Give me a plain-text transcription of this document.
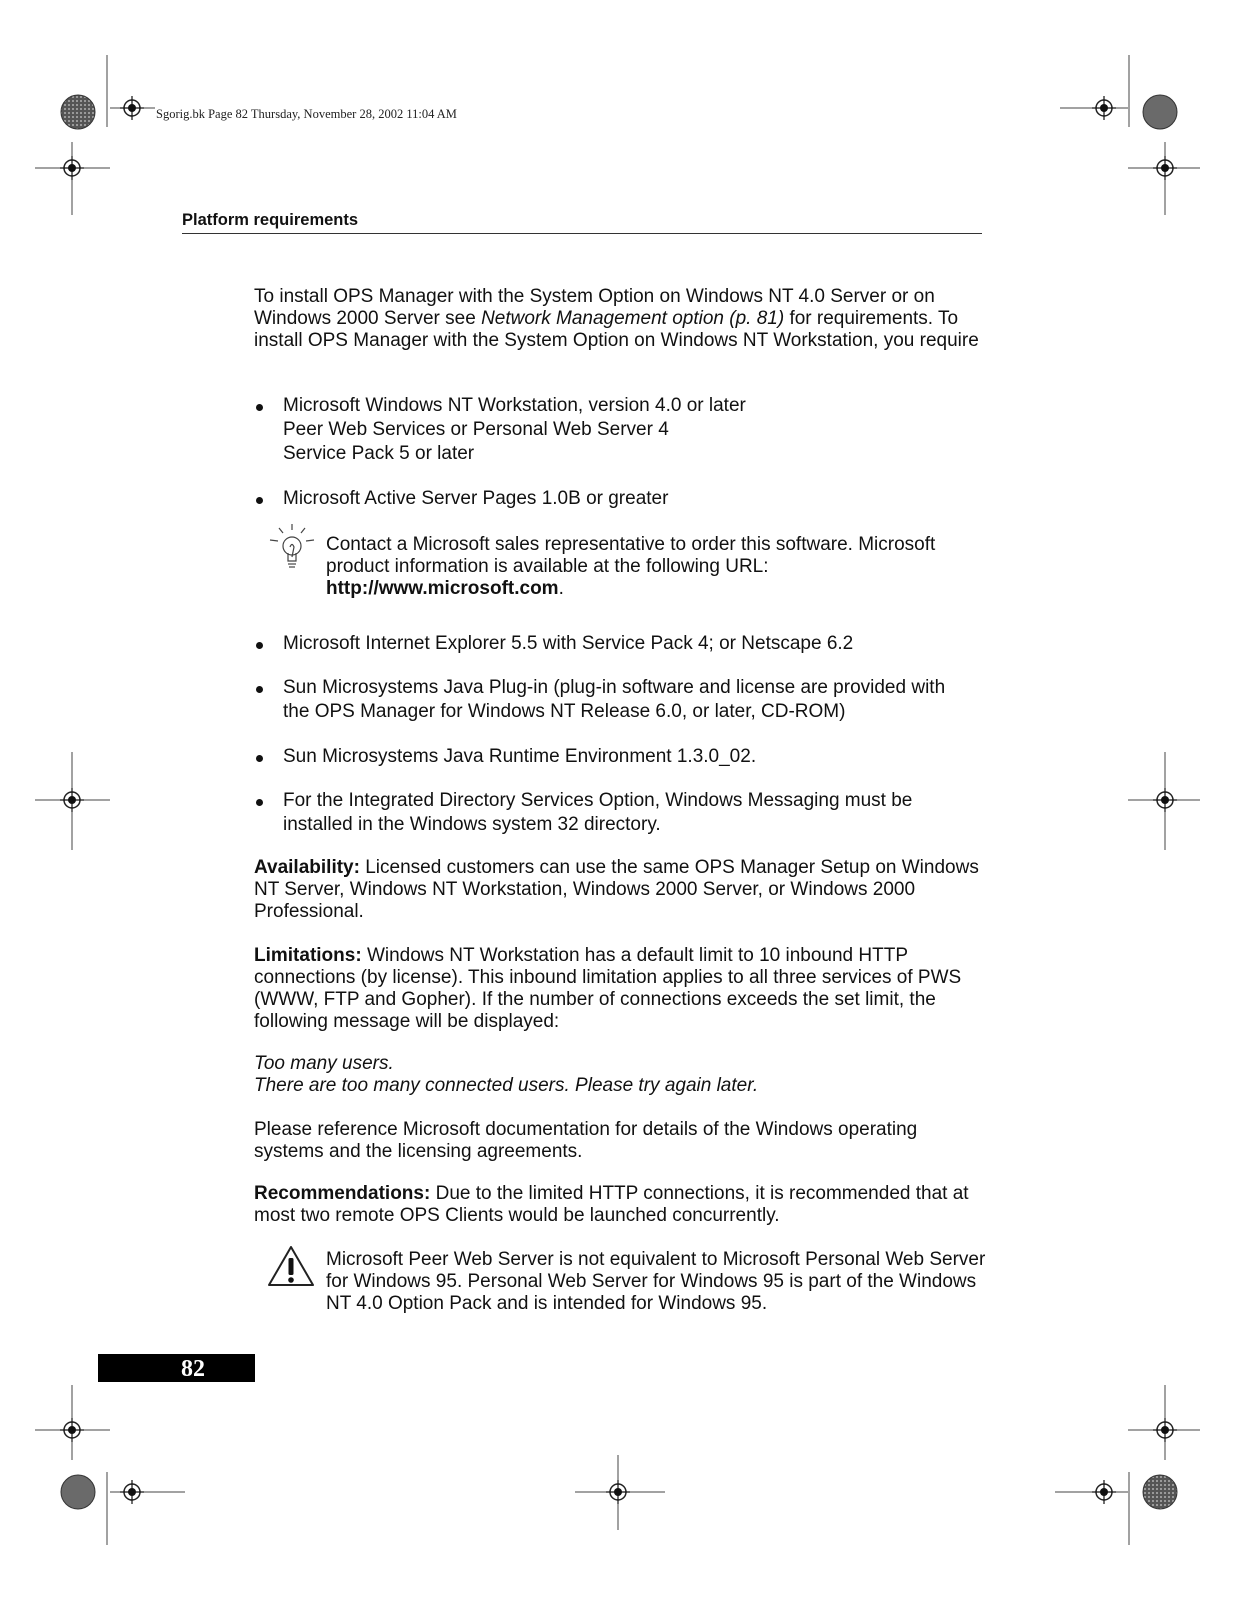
Sgorig.bk Page 82 Thursday, November 28, 2002 11:04 AM
Platform requirements
To install OPS Manager with the System Option on Windows NT 4.0 Server or on Windows 2000 Server see Network Management option (p. 81) for requirements. To install OPS Manager with the System Option on Windows NT Workstation, you require
Microsoft Windows NT Workstation, version 4.0 or later
Peer Web Services or Personal Web Server 4
Service Pack 5 or later
Microsoft Active Server Pages 1.0B or greater
Contact a Microsoft sales representative to order this software. Microsoft product information is available at the following URL:
http://www.microsoft.com.
Microsoft Internet Explorer 5.5 with Service Pack 4; or Netscape 6.2
Sun Microsystems Java Plug-in (plug-in software and license are provided with
the OPS Manager for Windows NT Release 6.0, or later, CD-ROM)
Sun Microsystems Java Runtime Environment 1.3.0_02.
For the Integrated Directory Services Option, Windows Messaging must be
installed in the Windows system 32 directory.
Availability: Licensed customers can use the same OPS Manager Setup on Windows NT Server, Windows NT Workstation, Windows 2000 Server, or Windows 2000 Professional.
Limitations: Windows NT Workstation has a default limit to 10 inbound HTTP connections (by license). This inbound limitation applies to all three services of PWS (WWW, FTP and Gopher). If the number of connections exceeds the set limit, the following message will be displayed:
Too many users.
There are too many connected users. Please try again later.
Please reference Microsoft documentation for details of the Windows operating systems and the licensing agreements.
Recommendations: Due to the limited HTTP connections, it is recommended that at most two remote OPS Clients would be launched concurrently.
Microsoft Peer Web Server is not equivalent to Microsoft Personal Web Server for Windows 95. Personal Web Server for Windows 95 is part of the Windows NT 4.0 Option Pack and is intended for Windows 95.
82
